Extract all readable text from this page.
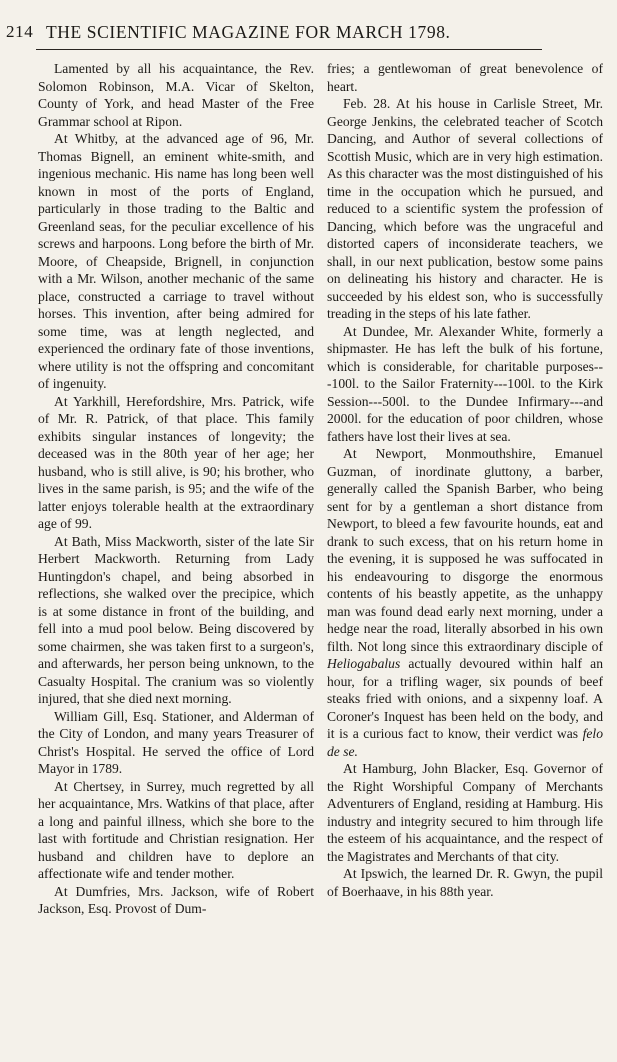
214 THE SCIENTIFIC MAGAZINE FOR MARCH 1798.

Lamented by all his acquaintance, the Rev. Solomon Robinson, M.A. Vicar of Skelton, County of York, and head Master of the Free Grammar school at Ripon.

At Whitby, at the advanced age of 96, Mr. Thomas Bignell, an eminent white-smith, and ingenious mechanic. His name has long been well known in most of the ports of England, particularly in those trading to the Baltic and Greenland seas, for the peculiar excellence of his screws and harpoons. Long before the birth of Mr. Moore, of Cheapside, Brignell, in conjunction with a Mr. Wilson, another mechanic of the same place, constructed a carriage to travel without horses. This invention, after being admired for some time, was at length neglected, and experienced the ordinary fate of those inventions, where utility is not the offspring and concomitant of ingenuity.

At Yarkhill, Herefordshire, Mrs. Patrick, wife of Mr. R. Patrick, of that place. This family exhibits singular instances of longevity; the deceased was in the 80th year of her age; her husband, who is still alive, is 90; his brother, who lives in the same parish, is 95; and the wife of the latter enjoys tolerable health at the extraordinary age of 99.

At Bath, Miss Mackworth, sister of the late Sir Herbert Mackworth. Returning from Lady Huntingdon's chapel, and being absorbed in reflections, she walked over the precipice, which is at some distance in front of the building, and fell into a mud pool below. Being discovered by some chairmen, she was taken first to a surgeon's, and afterwards, her person being unknown, to the Casualty Hospital. The cranium was so violently injured, that she died next morning.

William Gill, Esq. Stationer, and Alderman of the City of London, and many years Treasurer of Christ's Hospital. He served the office of Lord Mayor in 1789.

At Chertsey, in Surrey, much regretted by all her acquaintance, Mrs. Watkins of that place, after a long and painful illness, which she bore to the last with fortitude and Christian resignation. Her husband and children have to deplore an affectionate wife and tender mother.

At Dumfries, Mrs. Jackson, wife of Robert Jackson, Esq. Provost of Dum-

fries; a gentlewoman of great benevolence of heart.

Feb. 28. At his house in Carlisle Street, Mr. George Jenkins, the celebrated teacher of Scotch Dancing, and Author of several collections of Scottish Music, which are in very high estimation. As this character was the most distinguished of his time in the occupation which he pursued, and reduced to a scientific system the profession of Dancing, which before was the ungraceful and distorted capers of inconsiderate teachers, we shall, in our next publication, bestow some pains on delineating his history and character. He is succeeded by his eldest son, who is successfully treading in the steps of his late father.

At Dundee, Mr. Alexander White, formerly a shipmaster. He has left the bulk of his fortune, which is considerable, for charitable purposes---100l. to the Sailor Fraternity---100l. to the Kirk Session---500l. to the Dundee Infirmary---and 2000l. for the education of poor children, whose fathers have lost their lives at sea.

At Newport, Monmouthshire, Emanuel Guzman, of inordinate gluttony, a barber, generally called the Spanish Barber, who being sent for by a gentleman a short distance from Newport, to bleed a few favourite hounds, eat and drank to such excess, that on his return home in the evening, it is supposed he was suffocated in his endeavouring to disgorge the enormous contents of his beastly appetite, as the unhappy man was found dead early next morning, under a hedge near the road, literally absorbed in his own filth. Not long since this extraordinary disciple of Heliogabalus actually devoured within half an hour, for a trifling wager, six pounds of beef steaks fried with onions, and a sixpenny loaf. A Coroner's Inquest has been held on the body, and it is a curious fact to know, their verdict was felo de se.

At Hamburg, John Blacker, Esq. Governor of the Right Worshipful Company of Merchants Adventurers of England, residing at Hamburg. His industry and integrity secured to him through life the esteem of his acquaintance, and the respect of the Magistrates and Merchants of that city.

At Ipswich, the learned Dr. R. Gwyn, the pupil of Boerhaave, in his 88th year.
